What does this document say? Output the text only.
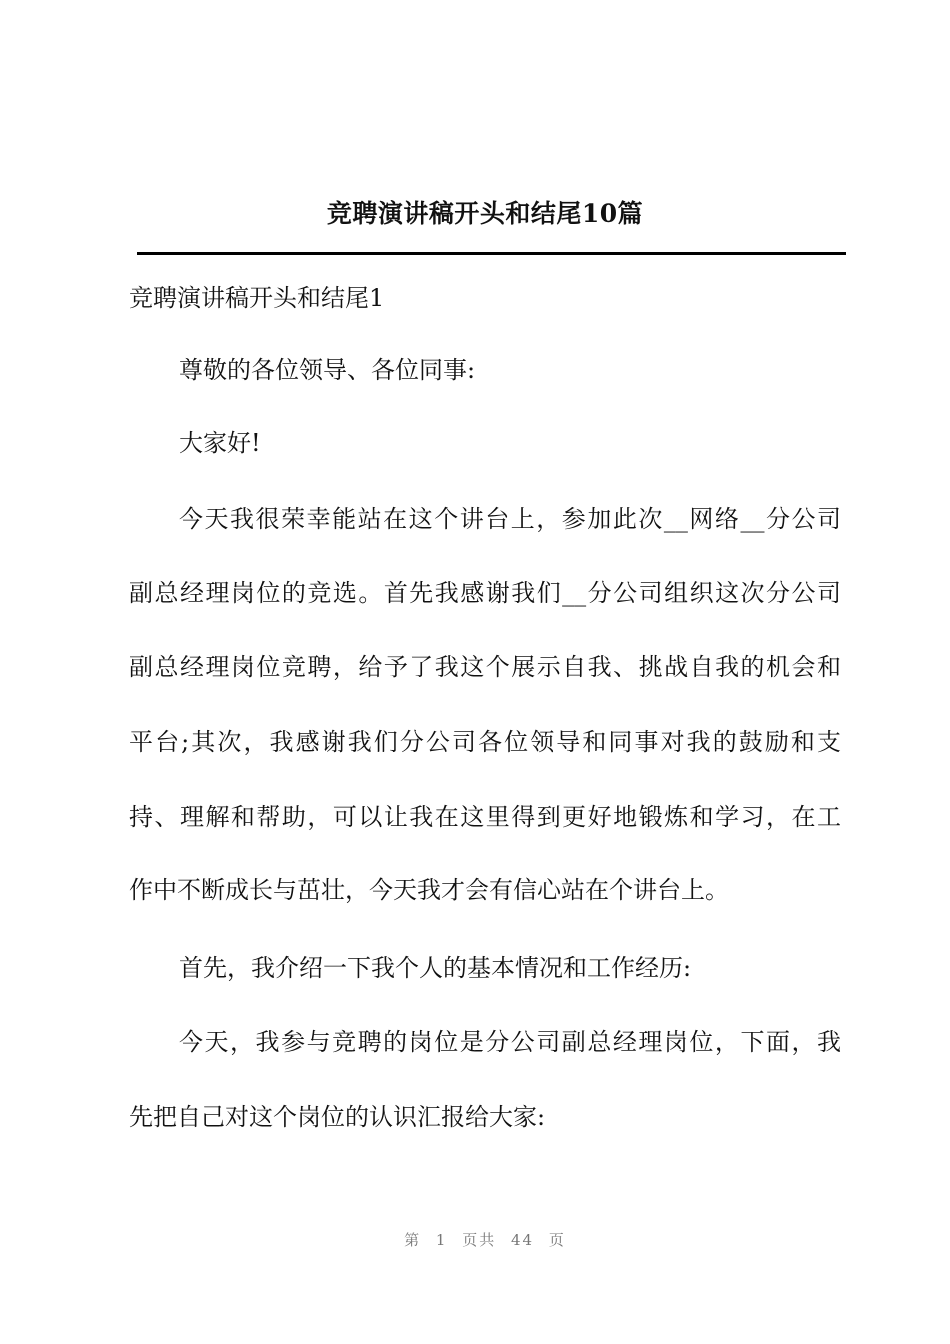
竞聘演讲稿开头和结尾10篇
竞聘演讲稿开头和结尾1
尊敬的各位领导、各位同事:
大家好!
今天我很荣幸能站在这个讲台上，参加此次__网络__分公司
副总经理岗位的竞选。首先我感谢我们__分公司组织这次分公司
副总经理岗位竞聘，给予了我这个展示自我、挑战自我的机会和
平台;其次，我感谢我们分公司各位领导和同事对我的鼓励和支
持、理解和帮助，可以让我在这里得到更好地锻炼和学习，在工
作中不断成长与茁壮，今天我才会有信心站在个讲台上。
首先，我介绍一下我个人的基本情况和工作经历:
今天，我参与竞聘的岗位是分公司副总经理岗位，下面，我
先把自己对这个岗位的认识汇报给大家:
第 1 页共 44 页
